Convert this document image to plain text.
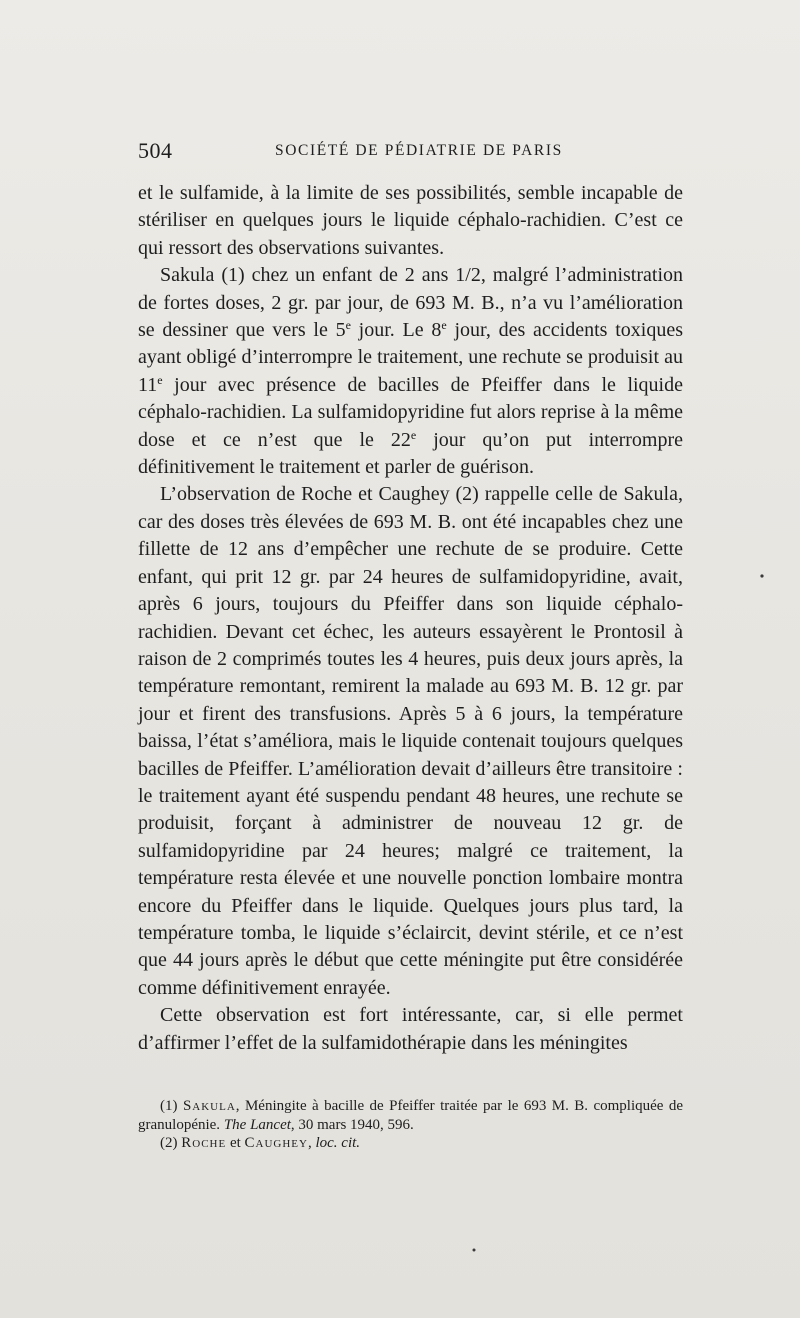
504	SOCIÉTÉ DE PÉDIATRIE DE PARIS

et le sulfamide, à la limite de ses possibilités, semble incapable de stériliser en quelques jours le liquide céphalo-rachidien. C’est ce qui ressort des observations suivantes.

Sakula (1) chez un enfant de 2 ans 1/2, malgré l’administration de fortes doses, 2 gr. par jour, de 693 M. B., n’a vu l’amélioration se dessiner que vers le 5e jour. Le 8e jour, des accidents toxiques ayant obligé d’interrompre le traitement, une rechute se produisit au 11e jour avec présence de bacilles de Pfeiffer dans le liquide céphalo-rachidien. La sulfamidopyridine fut alors reprise à la même dose et ce n’est que le 22e jour qu’on put interrompre définitivement le traitement et parler de guérison.

L’observation de Roche et Caughey (2) rappelle celle de Sakula, car des doses très élevées de 693 M. B. ont été incapables chez une fillette de 12 ans d’empêcher une rechute de se produire. Cette enfant, qui prit 12 gr. par 24 heures de sulfamidopyridine, avait, après 6 jours, toujours du Pfeiffer dans son liquide céphalo-rachidien. Devant cet échec, les auteurs essayèrent le Prontosil à raison de 2 comprimés toutes les 4 heures, puis deux jours après, la température remontant, remirent la malade au 693 M. B. 12 gr. par jour et firent des transfusions. Après 5 à 6 jours, la température baissa, l’état s’améliora, mais le liquide contenait toujours quelques bacilles de Pfeiffer. L’amélioration devait d’ailleurs être transitoire : le traitement ayant été suspendu pendant 48 heures, une rechute se produisit, forçant à administrer de nouveau 12 gr. de sulfamidopyridine par 24 heures; malgré ce traitement, la température resta élevée et une nouvelle ponction lombaire montra encore du Pfeiffer dans le liquide. Quelques jours plus tard, la température tomba, le liquide s’éclaircit, devint stérile, et ce n’est que 44 jours après le début que cette méningite put être considérée comme définitivement enrayée.

Cette observation est fort intéressante, car, si elle permet d’affirmer l’effet de la sulfamidothérapie dans les méningites

(1) Sakula, Méningite à bacille de Pfeiffer traitée par le 693 M. B. compliquée de granulopénie. The Lancet, 30 mars 1940, 596.

(2) Roche et Caughey, loc. cit.
